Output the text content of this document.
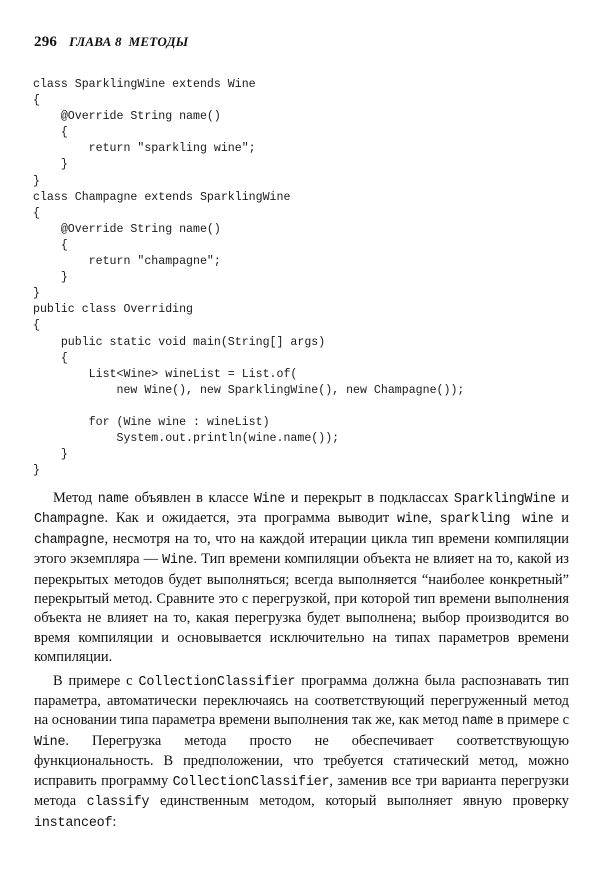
296 ГЛАВА 8 МЕТОДЫ
class SparklingWine extends Wine
{
@Override String name()
{
return "sparkling wine";
}
}
class Champagne extends SparklingWine
{
@Override String name()
{
return "champagne";
}
}
public class Overriding
{
public static void main(String[] args)
{
List<Wine> wineList = List.of(
new Wine(), new SparklingWine(), new Champagne());
for (Wine wine : wineList)
System.out.println(wine.name());
}
}

Метод name объявлен в классе Wine и перекрыт в подклассах SparklingWine и Champagne. Как и ожидается, эта программа выводит wine, sparkling wine и champagne, несмотря на то, что на каждой итерации цикла тип времени компиляции этого экземпляра — Wine. Тип времени компиляции объекта не влияет на то, какой из перекрытых методов будет выполняться; всегда выполняется “наиболее конкретный” перекрытый метод. Сравните это с перегрузкой, при которой тип времени выполнения объекта не влияет на то, какая перегрузка будет выполнена; выбор производится во время компиляции и основывается исключительно на типах параметров времени компиляции.

В примере с CollectionClassifier программа должна была распознавать тип параметра, автоматически переключаясь на соответствующий перегруженный метод на основании типа параметра времени выполнения так же, как метод name в примере с Wine. Перегрузка метода просто не обеспечивает соответствующую функциональность. В предположении, что требуется статический метод, можно исправить программу CollectionClassifier, заменив все три варианта перегрузки метода classify единственным методом, который выполняет явную проверку instanceof:
